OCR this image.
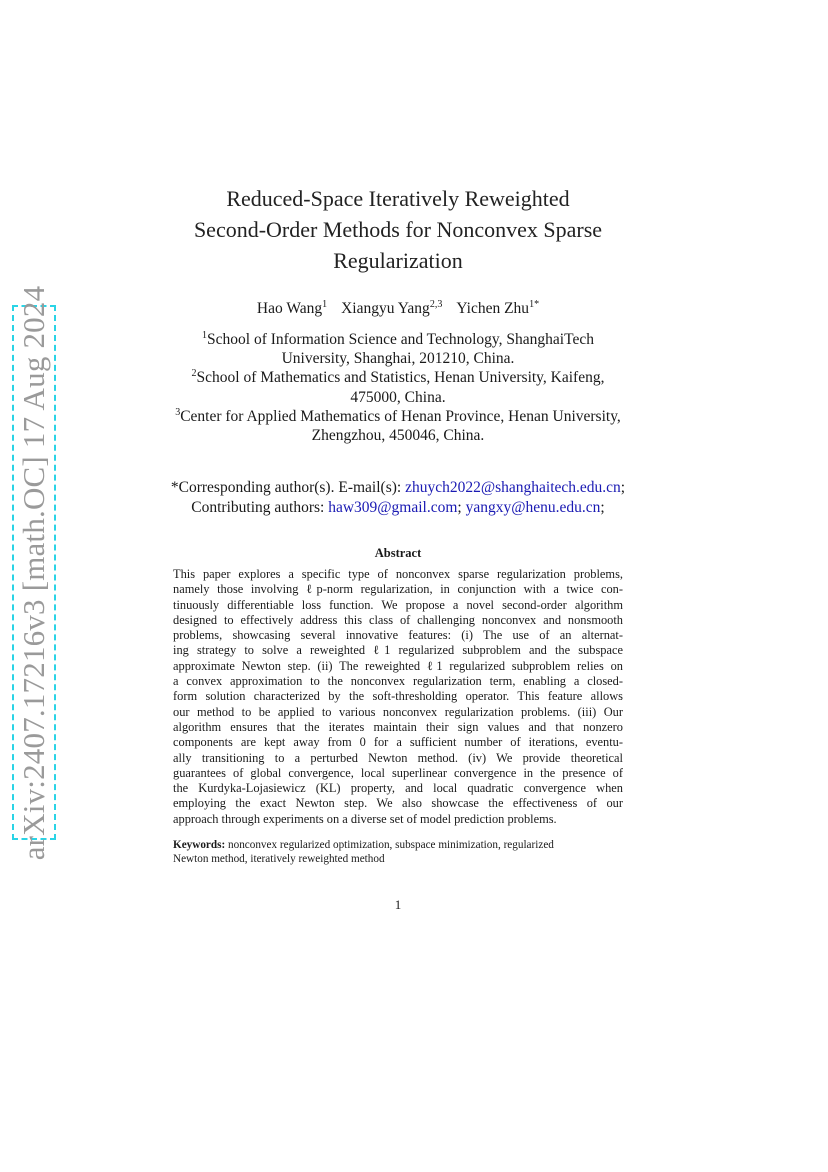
arXiv:2407.17216v3 [math.OC] 17 Aug 2024
Reduced-Space Iteratively Reweighted
Second-Order Methods for Nonconvex Sparse
Regularization
Hao Wang$^1$ Xiangyu Yang$^{2,3}$ Yichen Zhu$^{1*}$

$^1$School of Information Science and Technology, ShanghaiTech

University, Shanghai, 201210, China.

$^2$School of Mathematics and Statistics, Henan University, Kaifeng,

475000, China.

$^3$Center for Applied Mathematics of Henan Province, Henan University,

Zhengzhou, 450046, China.

*Corresponding author(s). E-mail(s): zhuych2022@shanghaitech.edu.cn;

Contributing authors: haw309@gmail.com; yangxy@henu.edu.cn;

Abstract
This paper explores a specific type of nonconvex sparse regularization problems,
namely those involving ℓp-norm regularization, in conjunction with a twice con-
tinuously differentiable loss function. We propose a novel second-order algorithm
designed to effectively address this class of challenging nonconvex and nonsmooth
problems, showcasing several innovative features: (i) The use of an alternat-
ing strategy to solve a reweighted ℓ1 regularized subproblem and the subspace
approximate Newton step. (ii) The reweighted ℓ1 regularized subproblem relies on
a convex approximation to the nonconvex regularization term, enabling a closed-
form solution characterized by the soft-thresholding operator. This feature allows
our method to be applied to various nonconvex regularization problems. (iii) Our
algorithm ensures that the iterates maintain their sign values and that nonzero
components are kept away from 0 for a sufficient number of iterations, eventu-
ally transitioning to a perturbed Newton method. (iv) We provide theoretical
guarantees of global convergence, local superlinear convergence in the presence of
the Kurdyka-Lojasiewicz (KL) property, and local quadratic convergence when
employing the exact Newton step. We also showcase the effectiveness of our
approach through experiments on a diverse set of model prediction problems.
Keywords: nonconvex regularized optimization, subspace minimization, regularized
Newton method, iteratively reweighted method
1
